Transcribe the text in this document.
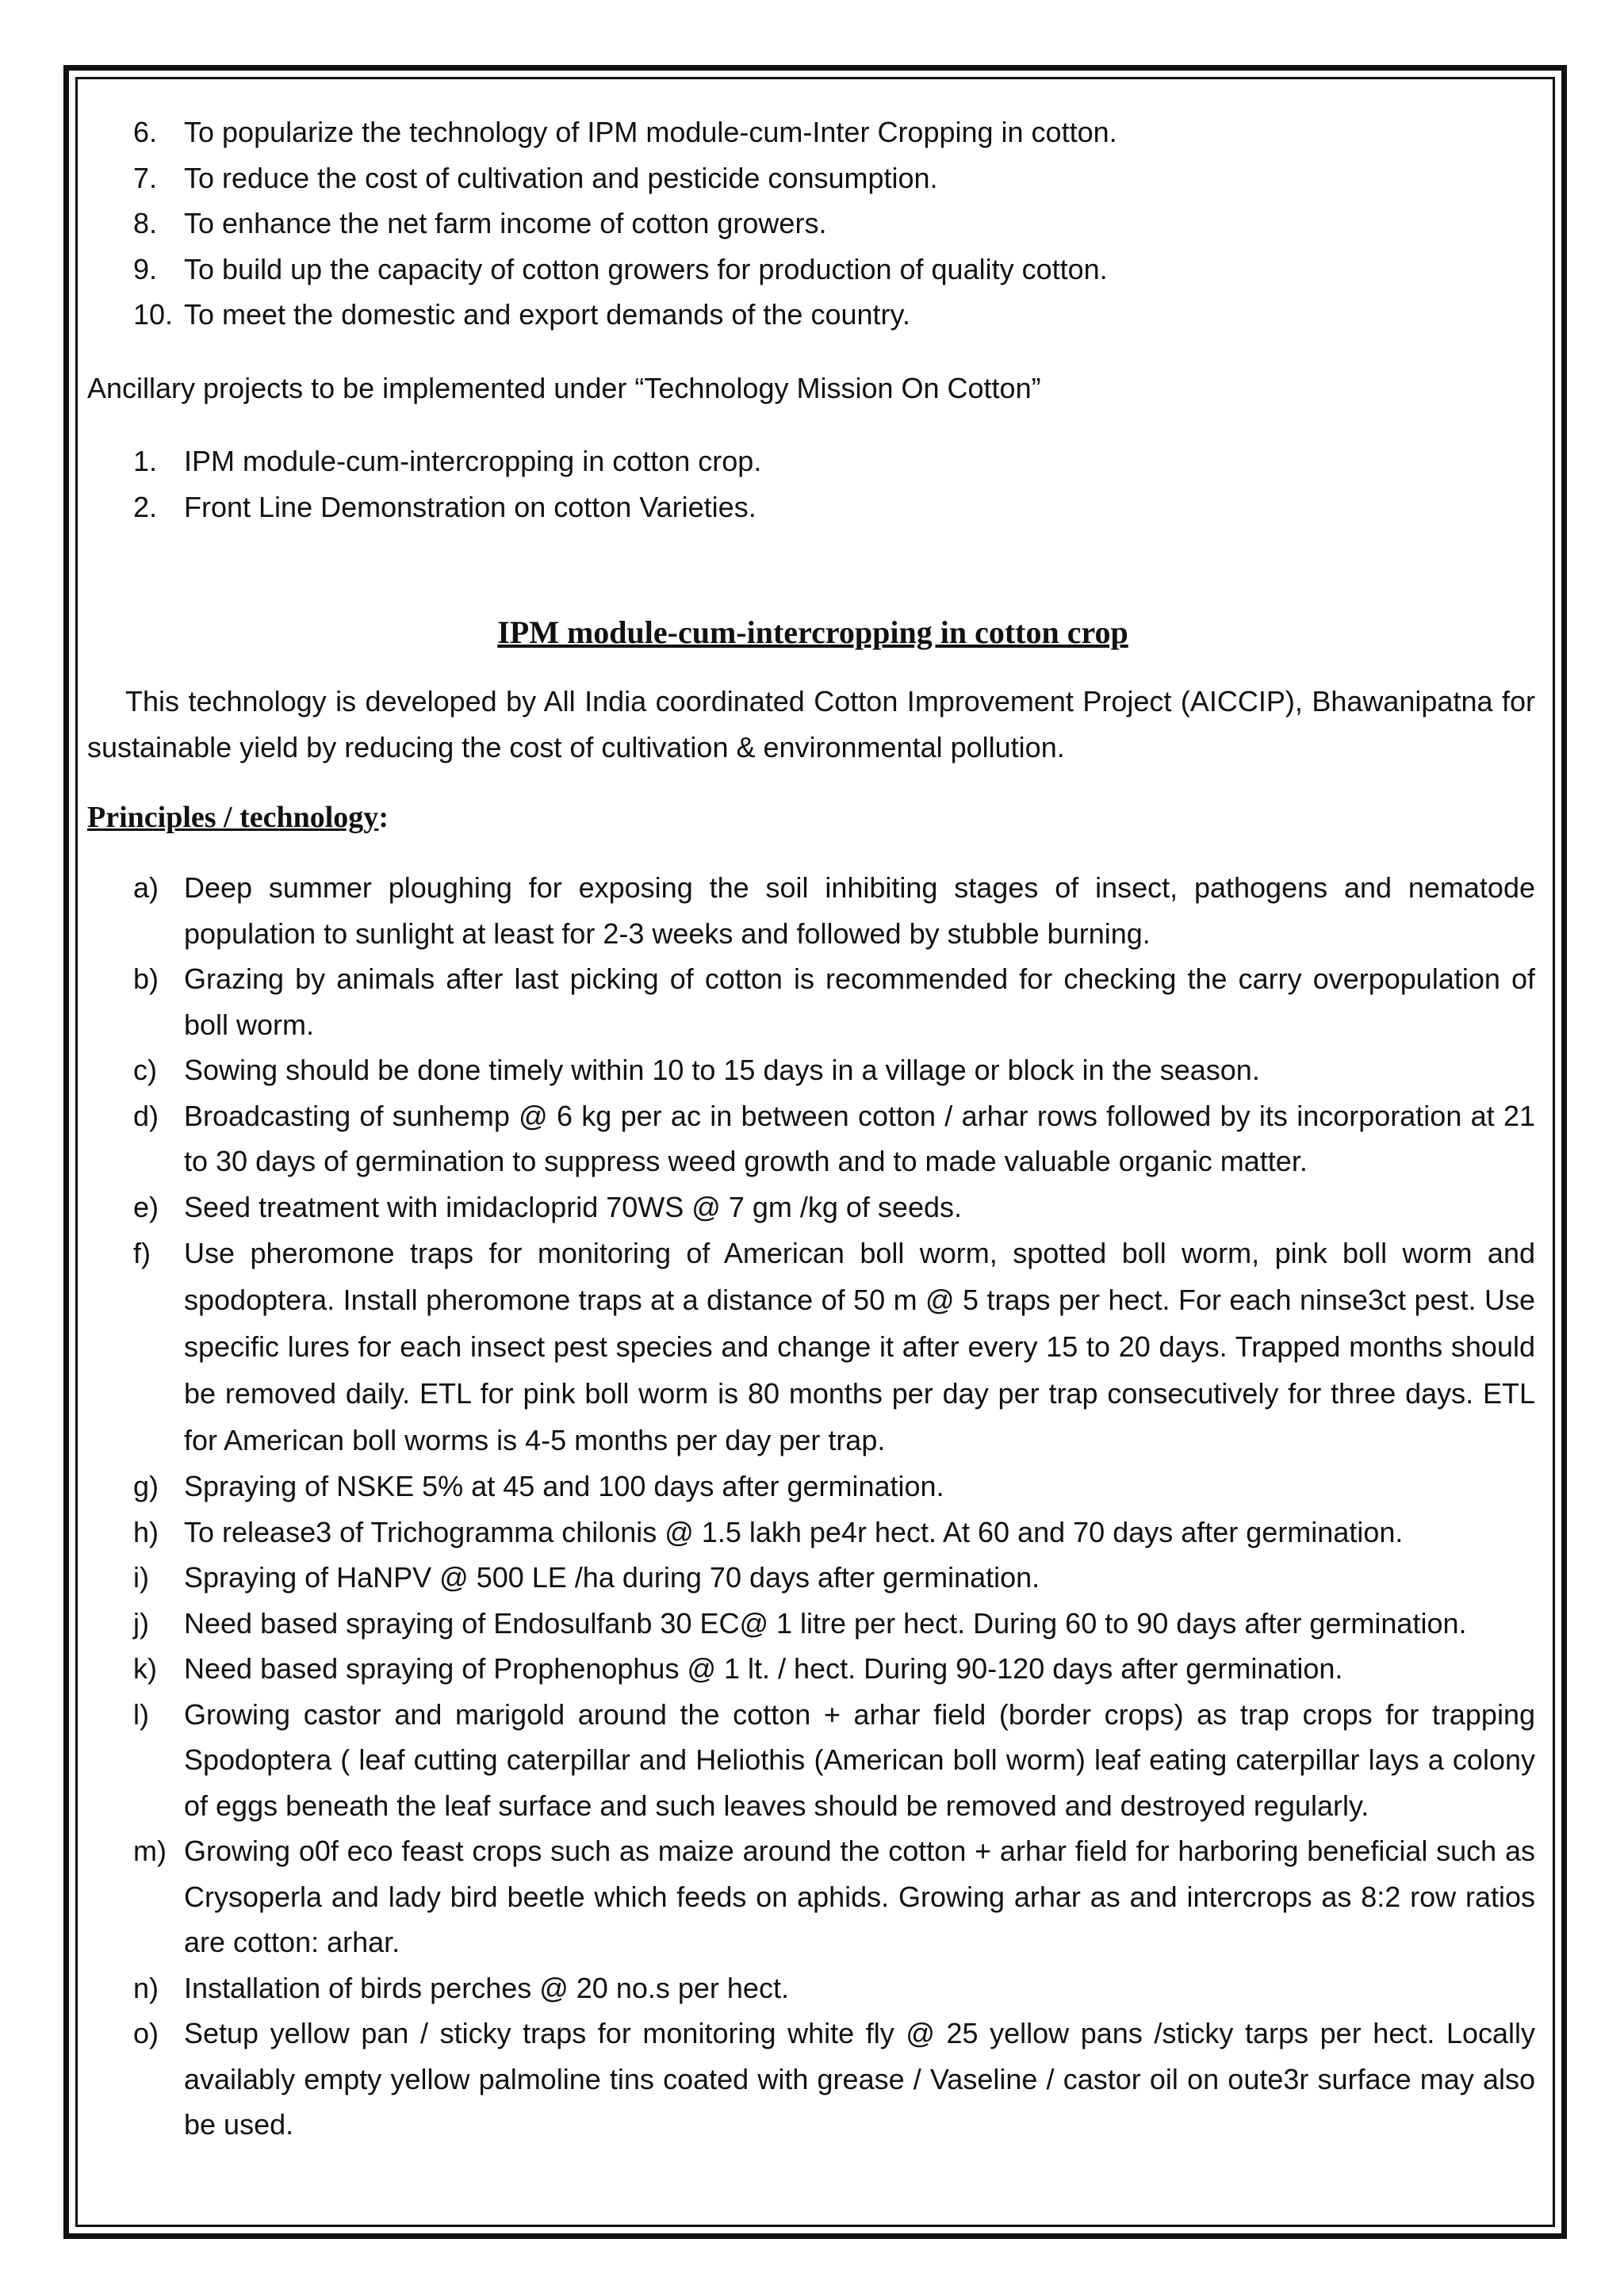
6. To popularize the technology of IPM module-cum-Inter Cropping in cotton.
7. To reduce the cost of cultivation and pesticide consumption.
8. To enhance the net farm income of cotton growers.
9. To build up the capacity of cotton growers for production of quality cotton.
10. To meet the domestic and export demands of the country.

Ancillary projects to be implemented under “Technology Mission On Cotton”

1. IPM module-cum-intercropping in cotton crop.
2. Front Line Demonstration on cotton Varieties.

IPM module-cum-intercropping in cotton crop

This technology is developed by All India coordinated Cotton Improvement Project (AICCIP), Bhawanipatna for sustainable yield by reducing the cost of cultivation & environmental pollution.

Principles / technology:

a) Deep summer ploughing for exposing the soil inhibiting stages of insect, pathogens and nematode population to sunlight at least for 2-3 weeks and followed by stubble burning.
b) Grazing by animals after last picking of cotton is recommended for checking the carry overpopulation of boll worm.
c) Sowing should be done timely within 10 to 15 days in a village or block in the season.
d) Broadcasting of sunhemp @ 6 kg per ac in between cotton / arhar rows followed by its incorporation at 21 to 30 days of germination to suppress weed growth and to made valuable organic matter.
e) Seed treatment with imidacloprid 70WS @ 7 gm /kg of seeds.
f) Use pheromone traps for monitoring of American boll worm, spotted boll worm, pink boll worm and spodoptera. Install pheromone traps at a distance of 50 m @ 5 traps per hect. For each ninse3ct pest. Use specific lures for each insect pest species and change it after every 15 to 20 days. Trapped months should be removed daily. ETL for pink boll worm is 80 months per day per trap consecutively for three days. ETL for American boll worms is 4-5 months per day per trap.
g) Spraying of NSKE 5% at 45 and 100 days after germination.
h) To release3 of Trichogramma chilonis @ 1.5 lakh pe4r hect. At 60 and 70 days after germination.
i) Spraying of HaNPV @ 500 LE /ha during 70 days after germination.
j) Need based spraying of Endosulfanb 30 EC@ 1 litre per hect. During 60 to 90 days after germination.
k) Need based spraying of Prophenophus @ 1 lt. / hect. During 90-120 days after germination.
l) Growing castor and marigold around the cotton + arhar field (border crops) as trap crops for trapping Spodoptera ( leaf cutting caterpillar and Heliothis (American boll worm) leaf eating caterpillar lays a colony of eggs beneath the leaf surface and such leaves should be removed and destroyed regularly.
m) Growing o0f eco feast crops such as maize around the cotton + arhar field for harboring beneficial such as Crysoperla and lady bird beetle which feeds on aphids. Growing arhar as and intercrops as 8:2 row ratios are cotton: arhar.
n) Installation of birds perches @ 20 no.s per hect.
o) Setup yellow pan / sticky traps for monitoring white fly @ 25 yellow pans /sticky tarps per hect. Locally availably empty yellow palmoline tins coated with grease / Vaseline / castor oil on oute3r surface may also be used.
